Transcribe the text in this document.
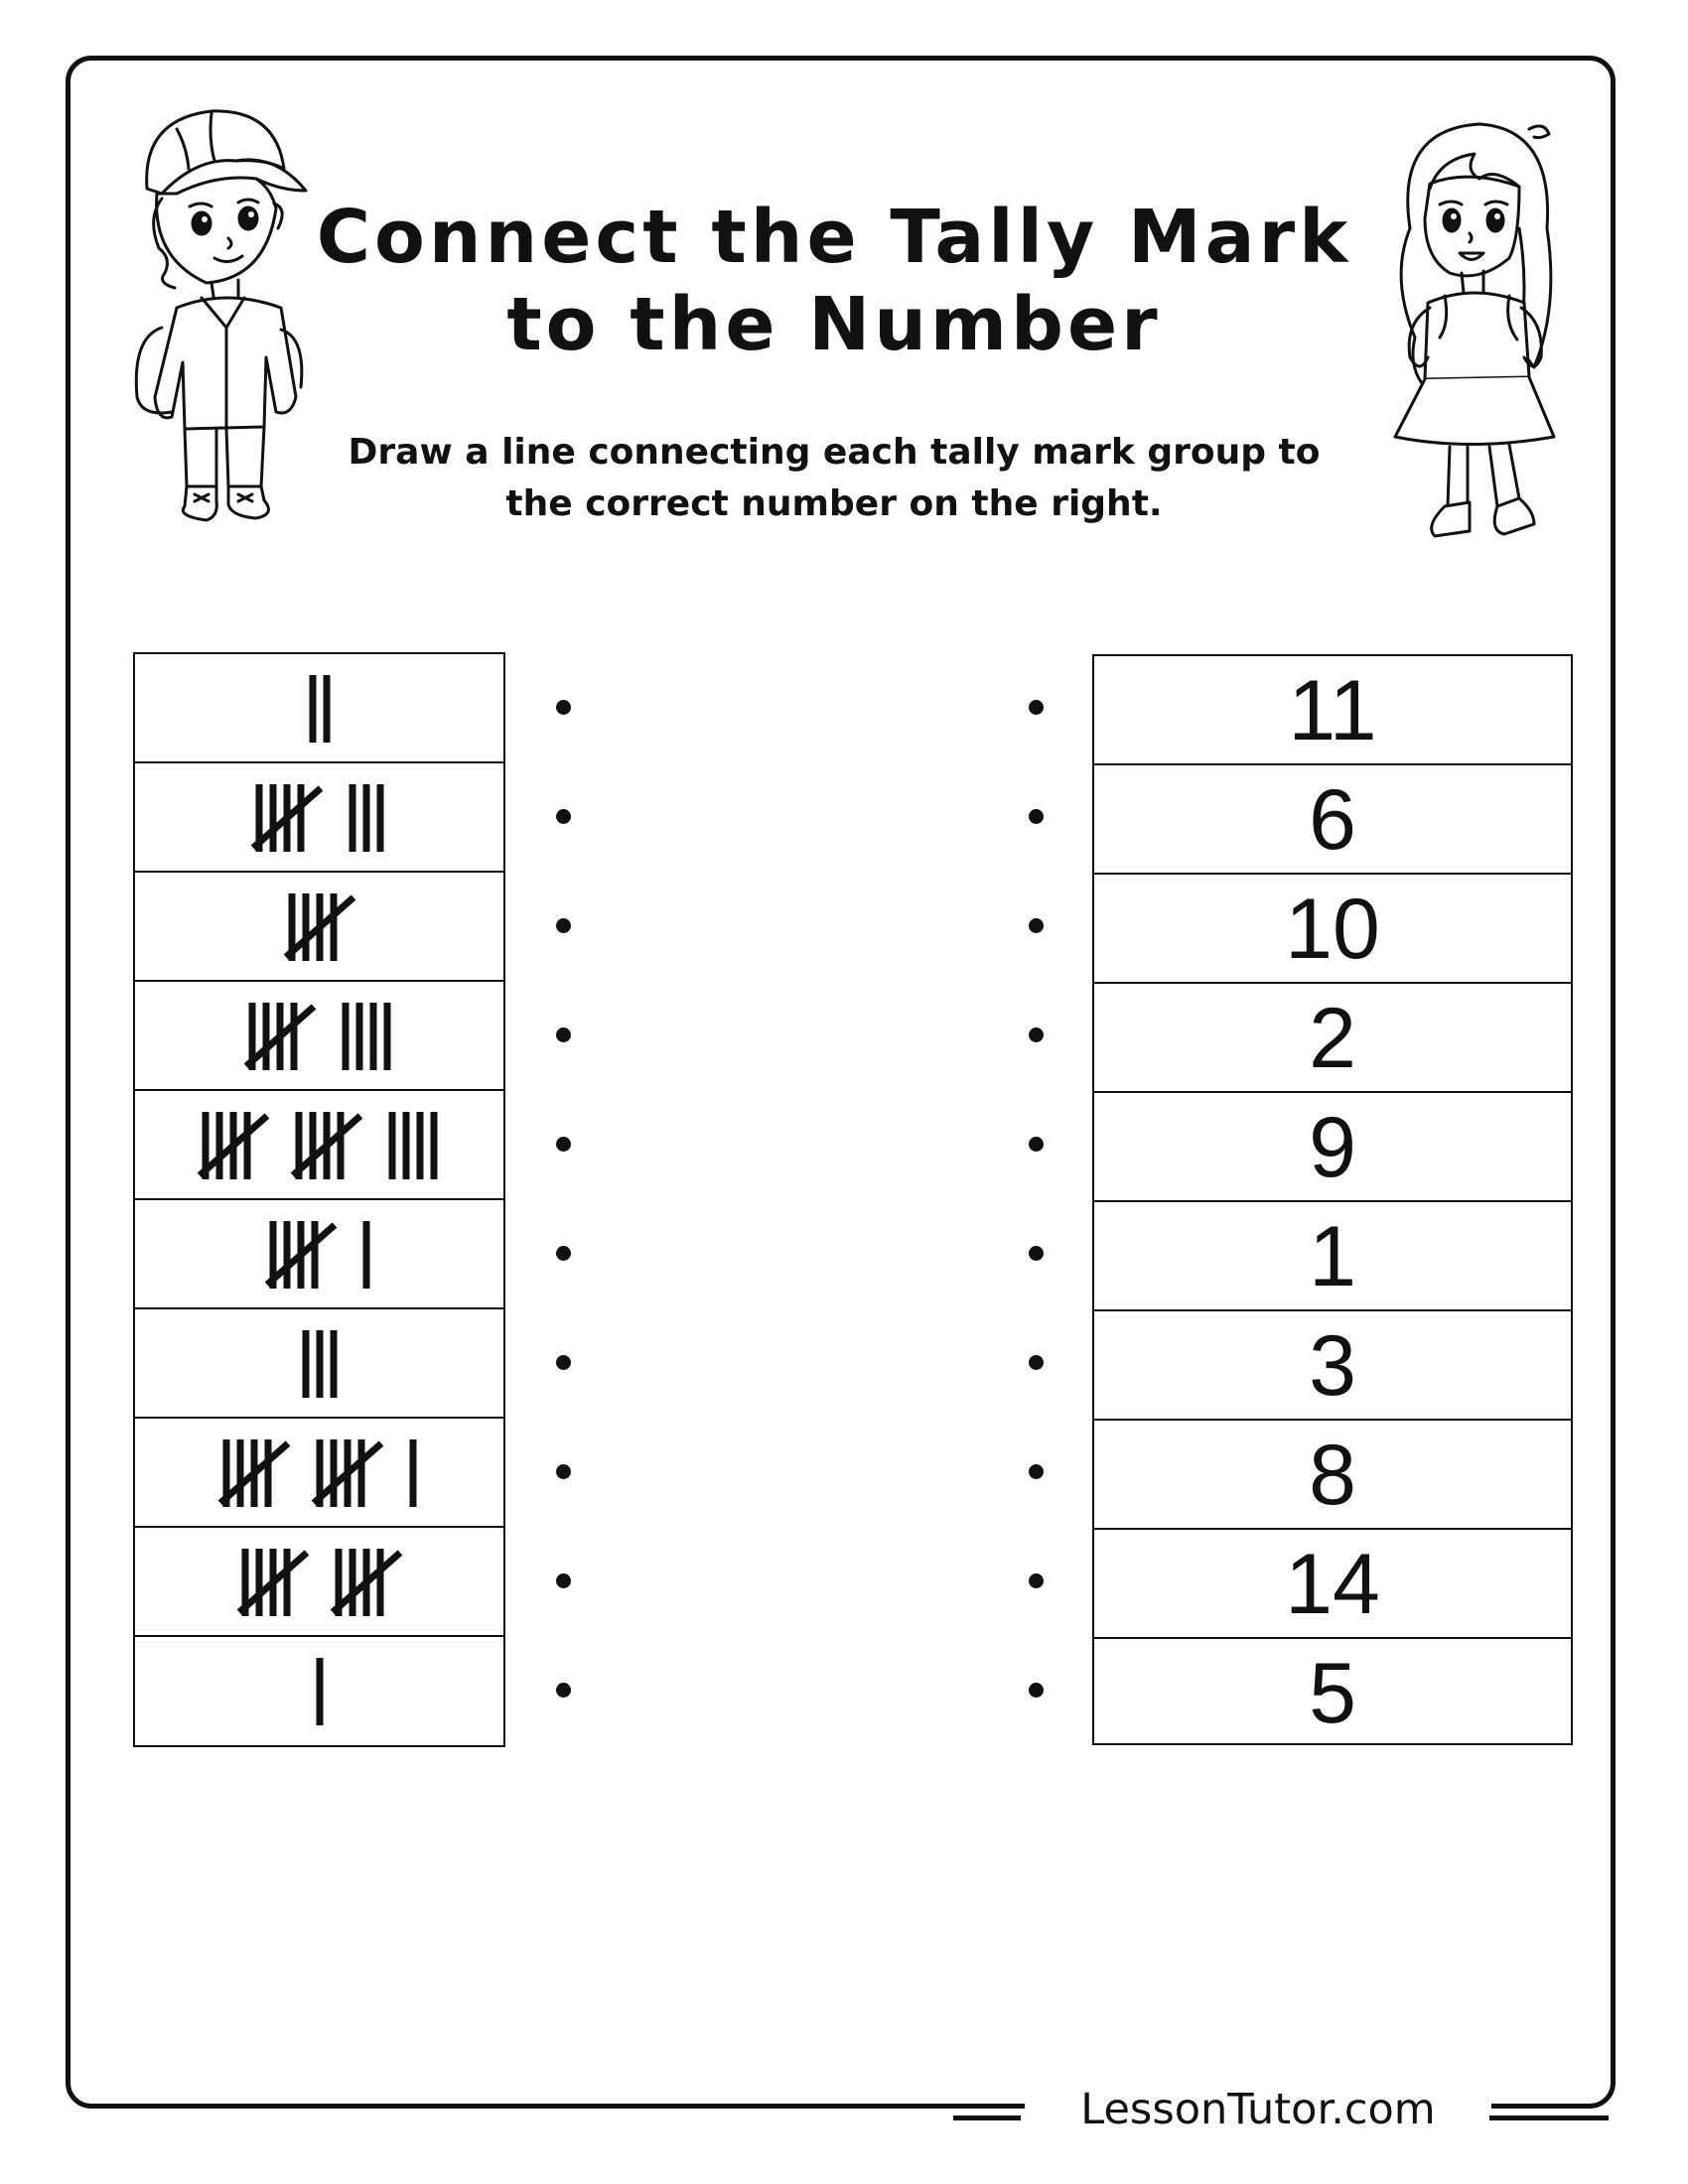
Connect the Tally Mark
to the Number
Draw a line connecting each tally mark group to
the correct number on the right.
11
6
10
2
9
1
3
8
14
5
LessonTutor.com
